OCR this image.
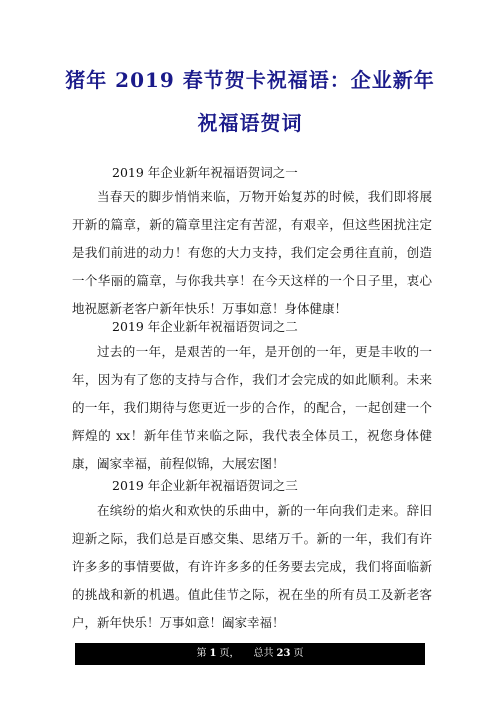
猪年 2019 春节贺卡祝福语：企业新年
祝福语贺词
2019 年企业新年祝福语贺词之一

当春天的脚步悄悄来临，万物开始复苏的时候，我们即将展开新的篇章，新的篇章里注定有苦涩，有艰辛，但这些困扰注定是我们前进的动力！有您的大力支持，我们定会勇往直前，创造一个华丽的篇章，与你我共享！在今天这样的一个日子里，衷心地祝愿新老客户新年快乐！万事如意！身体健康！

2019 年企业新年祝福语贺词之二

过去的一年，是艰苦的一年，是开创的一年，更是丰收的一年，因为有了您的支持与合作，我们才会完成的如此顺利。未来的一年，我们期待与您更近一步的合作，的配合，一起创建一个辉煌的 xx！新年佳节来临之际，我代表全体员工，祝您身体健康，阖家幸福，前程似锦，大展宏图！

2019 年企业新年祝福语贺词之三

在缤纷的焰火和欢快的乐曲中，新的一年向我们走来。辞旧迎新之际，我们总是百感交集、思绪万千。新的一年，我们有许许多多的事情要做，有许许多多的任务要去完成，我们将面临新的挑战和新的机遇。值此佳节之际，祝在坐的所有员工及新老客户，新年快乐！万事如意！阖家幸福！

第 1 页， 总共 23 页
